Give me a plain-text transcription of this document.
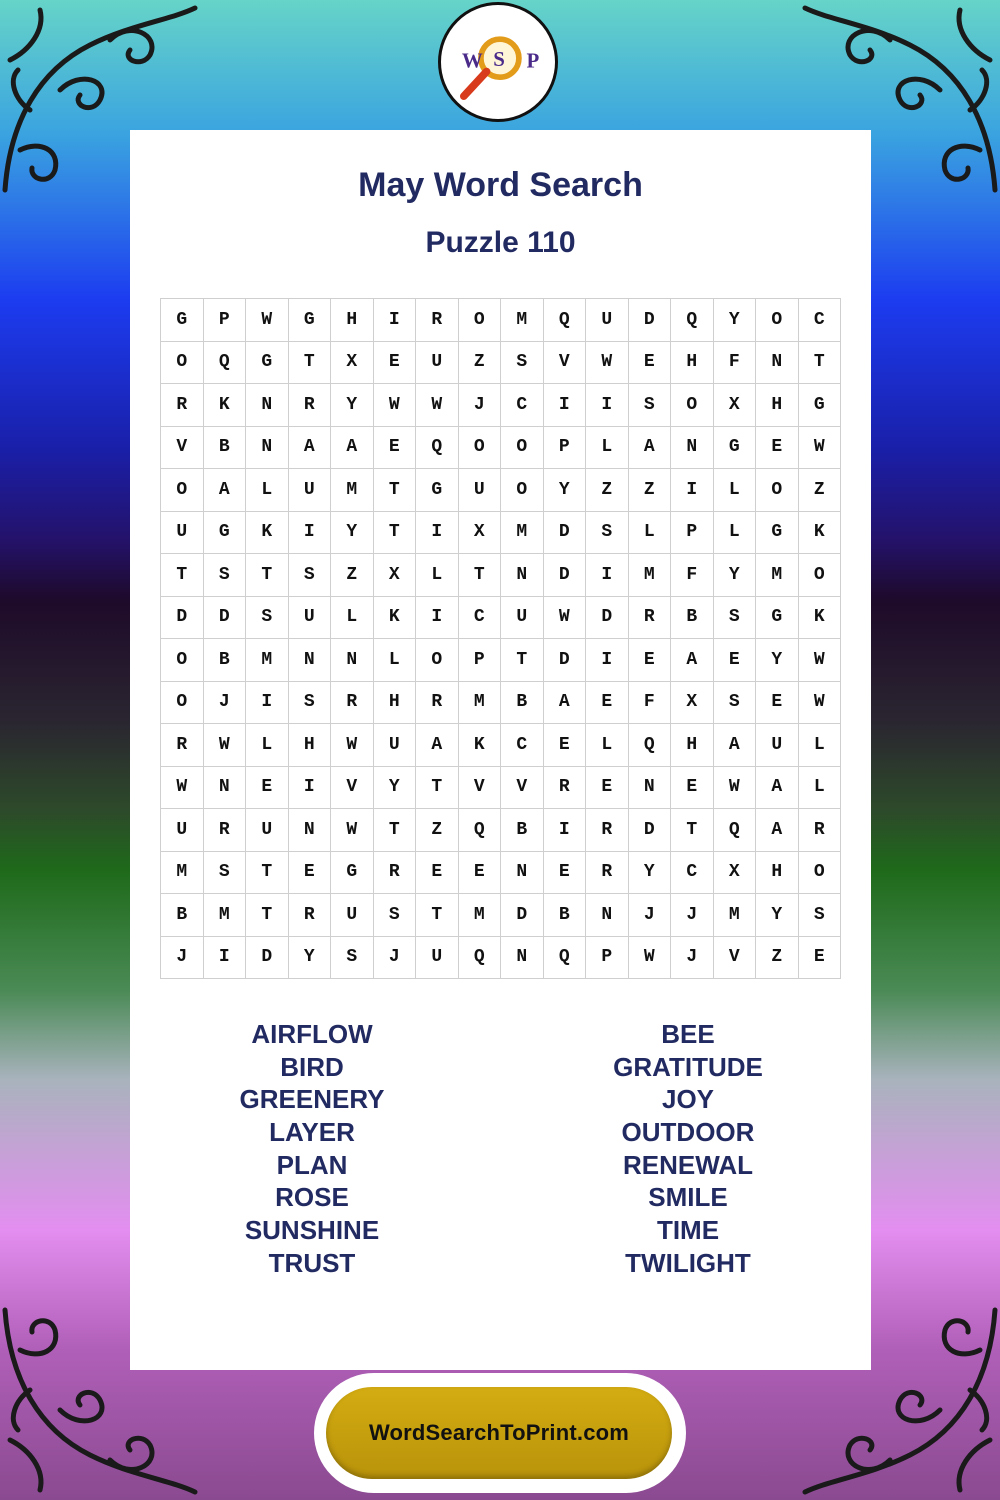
W S P
May Word Search
Puzzle 110
G	P	W	G	H	I	R	O	M	Q	U	D	Q	Y	O	C
O	Q	G	T	X	E	U	Z	S	V	W	E	H	F	N	T
R	K	N	R	Y	W	W	J	C	I	I	S	O	X	H	G
V	B	N	A	A	E	Q	O	O	P	L	A	N	G	E	W
O	A	L	U	M	T	G	U	O	Y	Z	Z	I	L	O	Z
U	G	K	I	Y	T	I	X	M	D	S	L	P	L	G	K
T	S	T	S	Z	X	L	T	N	D	I	M	F	Y	M	O
D	D	S	U	L	K	I	C	U	W	D	R	B	S	G	K
O	B	M	N	N	L	O	P	T	D	I	E	A	E	Y	W
O	J	I	S	R	H	R	M	B	A	E	F	X	S	E	W
R	W	L	H	W	U	A	K	C	E	L	Q	H	A	U	L
W	N	E	I	V	Y	T	V	V	R	E	N	E	W	A	L
U	R	U	N	W	T	Z	Q	B	I	R	D	T	Q	A	R
M	S	T	E	G	R	E	E	N	E	R	Y	C	X	H	O
B	M	T	R	U	S	T	M	D	B	N	J	J	M	Y	S
J	I	D	Y	S	J	U	Q	N	Q	P	W	J	V	Z	E
AIRFLOW
BIRD
GREENERY
LAYER
PLAN
ROSE
SUNSHINE
TRUST
BEE
GRATITUDE
JOY
OUTDOOR
RENEWAL
SMILE
TIME
TWILIGHT
WordSearchToPrint.com
